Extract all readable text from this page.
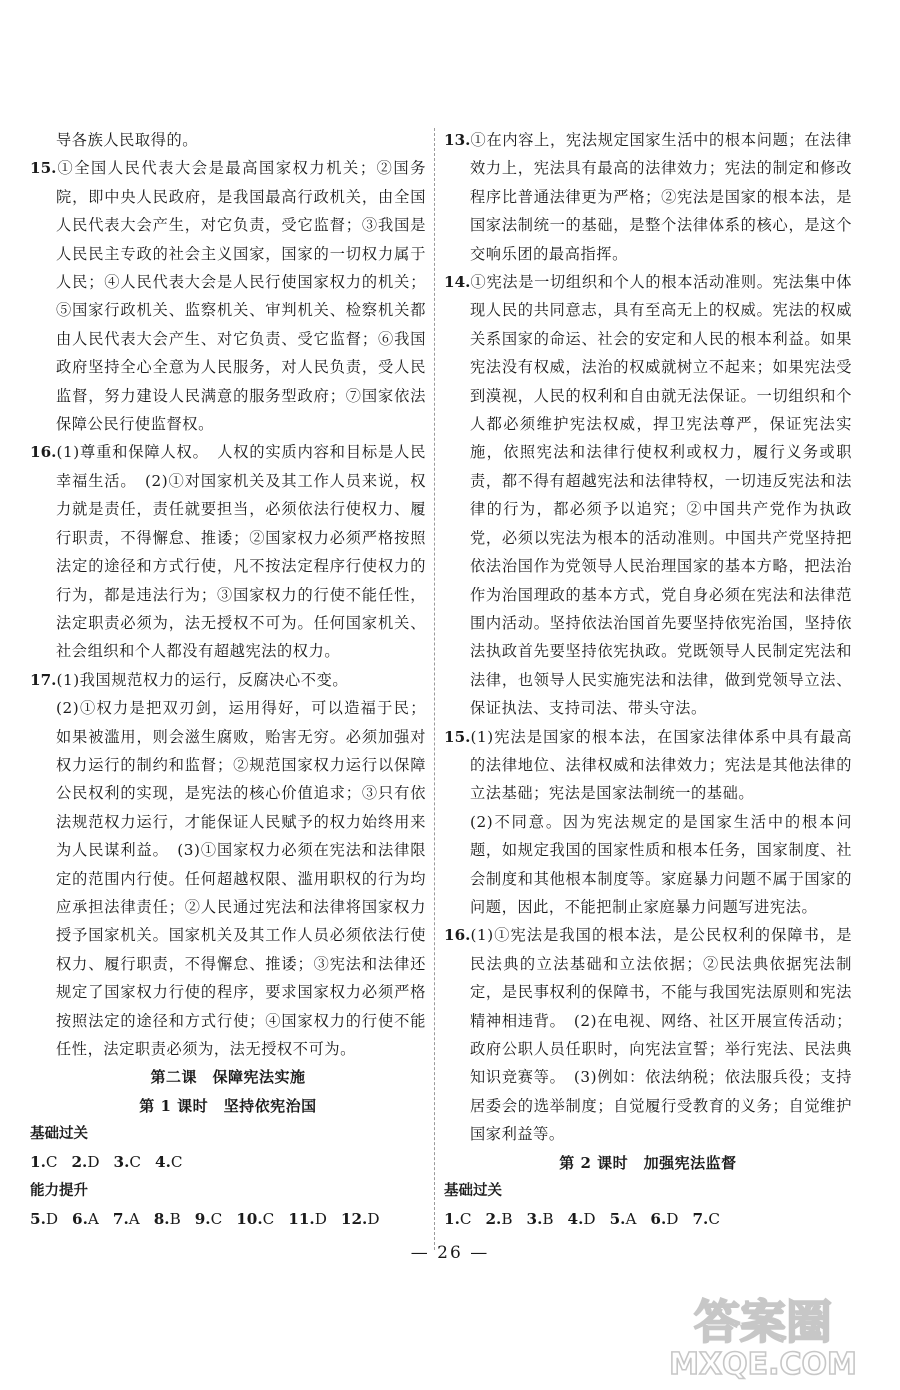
导各族人民取得的。

15.①全国人民代表大会是最高国家权力机关；②国务院，即中央人民政府，是我国最高行政机关，由全国人民代表大会产生，对它负责，受它监督；③我国是人民民主专政的社会主义国家，国家的一切权力属于人民；④人民代表大会是人民行使国家权力的机关；⑤国家行政机关、监察机关、审判机关、检察机关都由人民代表大会产生、对它负责、受它监督；⑥我国政府坚持全心全意为人民服务，对人民负责，受人民监督，努力建设人民满意的服务型政府；⑦国家依法保障公民行使监督权。

16.(1)尊重和保障人权。　人权的实质内容和目标是人民幸福生活。　(2)①对国家机关及其工作人员来说，权力就是责任，责任就要担当，必须依法行使权力、履行职责，不得懈怠、推诿；②国家权力必须严格按照法定的途径和方式行使，凡不按法定程序行使权力的行为，都是违法行为；③国家权力的行使不能任性，法定职责必须为，法无授权不可为。任何国家机关、社会组织和个人都没有超越宪法的权力。

17.(1)我国规范权力的运行，反腐决心不变。

(2)①权力是把双刃剑，运用得好，可以造福于民；如果被滥用，则会滋生腐败，贻害无穷。必须加强对权力运行的制约和监督；②规范国家权力运行以保障公民权利的实现，是宪法的核心价值追求；③只有依法规范权力运行，才能保证人民赋予的权力始终用来为人民谋利益。　(3)①国家权力必须在宪法和法律限定的范围内行使。任何超越权限、滥用职权的行为均应承担法律责任；②人民通过宪法和法律将国家权力授予国家机关。国家机关及其工作人员必须依法行使权力、履行职责，不得懈怠、推诿；③宪法和法律还规定了国家权力行使的程序，要求国家权力必须严格按照法定的途径和方式行使；④国家权力的行使不能任性，法定职责必须为，法无授权不可为。

第二课　保障宪法实施

第 1 课时　坚持依宪治国

基础过关

1.C 2.D 3.C 4.C

能力提升

5.D 6.A 7.A 8.B 9.C 10.C 11.D 12.D

13.①在内容上，宪法规定国家生活中的根本问题；在法律效力上，宪法具有最高的法律效力；宪法的制定和修改程序比普通法律更为严格；②宪法是国家的根本法，是国家法制统一的基础，是整个法律体系的核心，是这个交响乐团的最高指挥。

14.①宪法是一切组织和个人的根本活动准则。宪法集中体现人民的共同意志，具有至高无上的权威。宪法的权威关系国家的命运、社会的安定和人民的根本利益。如果宪法没有权威，法治的权威就树立不起来；如果宪法受到漠视，人民的权利和自由就无法保证。一切组织和个人都必须维护宪法权威，捍卫宪法尊严，保证宪法实施，依照宪法和法律行使权利或权力，履行义务或职责，都不得有超越宪法和法律特权，一切违反宪法和法律的行为，都必须予以追究；②中国共产党作为执政党，必须以宪法为根本的活动准则。中国共产党坚持把依法治国作为党领导人民治理国家的基本方略，把法治作为治国理政的基本方式，党自身必须在宪法和法律范围内活动。坚持依法治国首先要坚持依宪治国，坚持依法执政首先要坚持依宪执政。党既领导人民制定宪法和法律，也领导人民实施宪法和法律，做到党领导立法、保证执法、支持司法、带头守法。

15.(1)宪法是国家的根本法，在国家法律体系中具有最高的法律地位、法律权威和法律效力；宪法是其他法律的立法基础；宪法是国家法制统一的基础。

(2)不同意。因为宪法规定的是国家生活中的根本问题，如规定我国的国家性质和根本任务，国家制度、社会制度和其他根本制度等。家庭暴力问题不属于国家的问题，因此，不能把制止家庭暴力问题写进宪法。

16.(1)①宪法是我国的根本法，是公民权利的保障书，是民法典的立法基础和立法依据；②民法典依据宪法制定，是民事权利的保障书，不能与我国宪法原则和宪法精神相违背。　(2)在电视、网络、社区开展宣传活动；政府公职人员任职时，向宪法宣誓；举行宪法、民法典知识竞赛等。　(3)例如：依法纳税；依法服兵役；支持居委会的选举制度；自觉履行受教育的义务；自觉维护国家利益等。

第 2 课时　加强宪法监督

基础过关

1.C 2.B 3.B 4.D 5.A 6.D 7.C

— 26 —
答案圈
MXQE.COM
